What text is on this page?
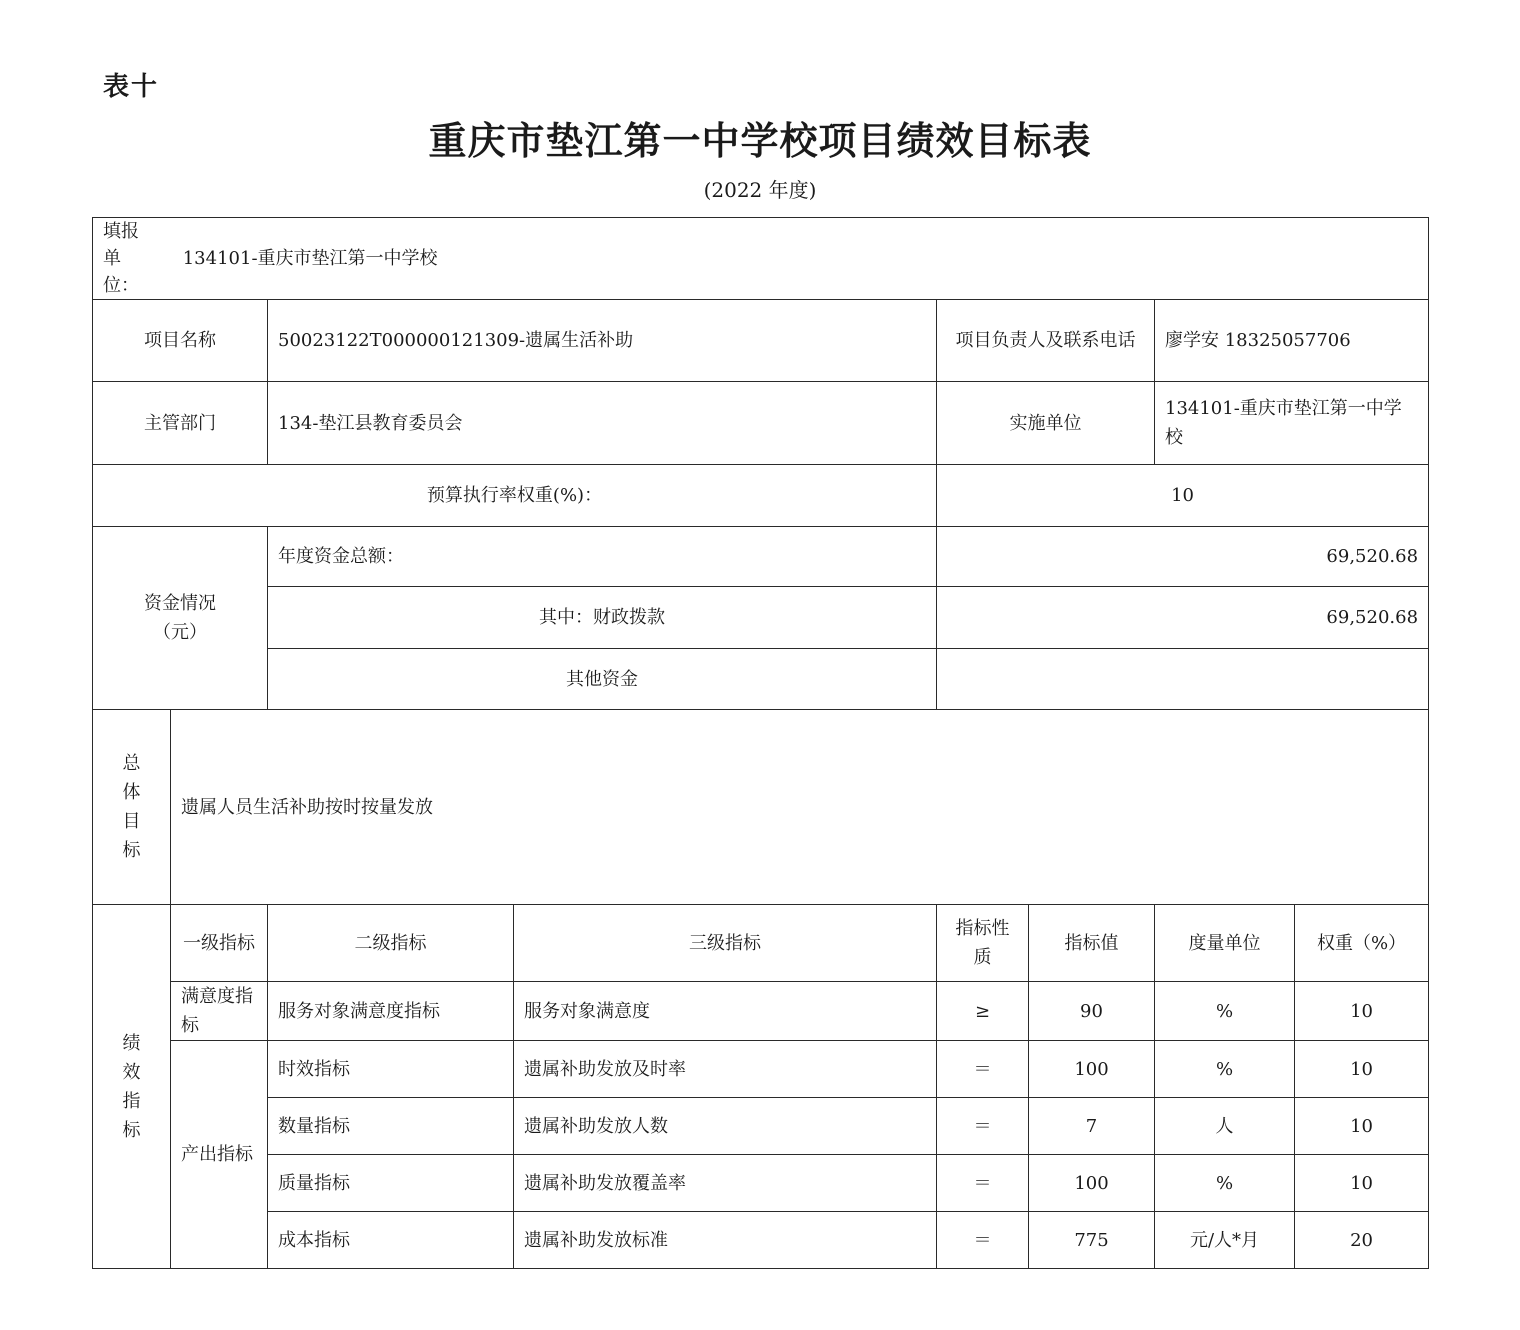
表十
重庆市垫江第一中学校项目绩效目标表
(2022 年度)
填报单位： 134101-重庆市垫江第一中学校							
项目名称		50023122T000000121309-遗属生活补助		项目负责人及联系电话		廖学安 18325057706	
主管部门		134-垫江县教育委员会		实施单位		134101-重庆市垫江第一中学校	
预算执行率权重(%)：				10			
资金情况（元）		年度资金总额：		69,520.68			
		其中：财政拨款		69,520.68			
		其他资金					
总体目标	遗属人员生活补助按时按量发放						
绩效指标	一级指标	二级指标	三级指标	指标性质	指标值	度量单位	权重（%）
	满意度指标	服务对象满意度指标	服务对象满意度	≥	90	%	10
	产出指标	时效指标	遗属补助发放及时率	＝	100	%	10
		数量指标	遗属补助发放人数	＝	7	人	10
		质量指标	遗属补助发放覆盖率	＝	100	%	10
		成本指标	遗属补助发放标准	＝	775	元/人*月	20
